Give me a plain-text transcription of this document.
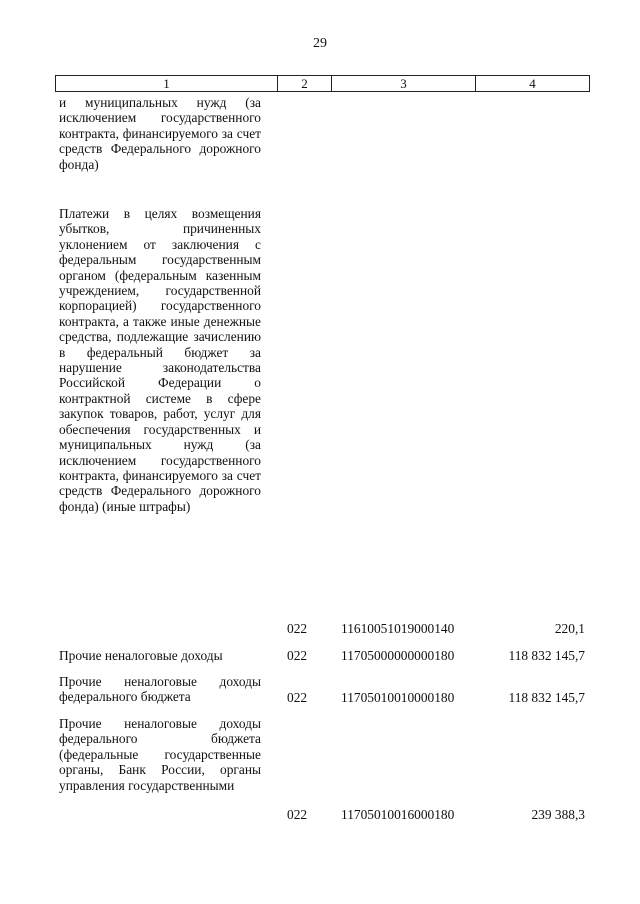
29
1	2	3	4
и муниципальных нужд (за исключением государственного контракта, финансируемого за счет средств Федерального дорожного фонда)
Платежи в целях возмещения убытков, причиненных уклонением от заключения с федеральным государственным органом (федеральным казенным учреждением, государственной корпорацией) государственного контракта, а также иные денежные средства, подлежащие зачислению в федеральный бюджет за нарушение законодательства Российской Федерации о контрактной системе в сфере закупок товаров, работ, услуг для обеспечения государственных и муниципальных нужд (за исключением государственного контракта, финансируемого за счет средств Федерального дорожного фонда) (иные штрафы)
022	11610051019000140	220,1
Прочие неналоговые доходы	022	11705000000000180	118 832 145,7
Прочие неналоговые доходы федерального бюджета	022	11705010010000180	118 832 145,7
Прочие неналоговые доходы федерального бюджета (федеральные государственные органы, Банк России, органы управления государственными
022	11705010016000180	239 388,3
